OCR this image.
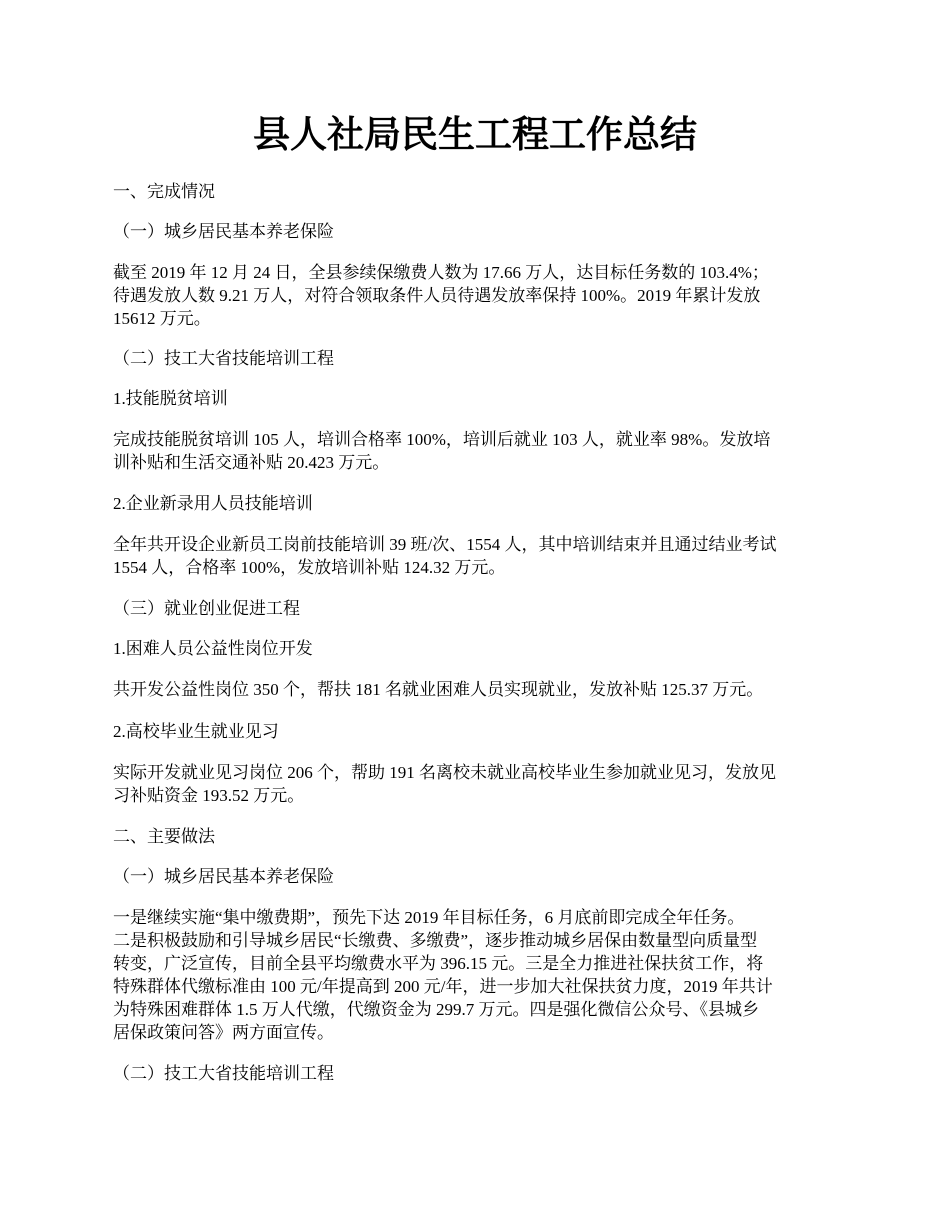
县人社局民生工程工作总结

一、完成情况

（一）城乡居民基本养老保险

截至 2019 年 12 月 24 日，全县参续保缴费人数为 17.66 万人，达目标任务数的 103.4%；
待遇发放人数 9.21 万人，对符合领取条件人员待遇发放率保持 100%。2019 年累计发放
15612 万元。

（二）技工大省技能培训工程

1.技能脱贫培训

完成技能脱贫培训 105 人，培训合格率 100%，培训后就业 103 人，就业率 98%。发放培
训补贴和生活交通补贴 20.423 万元。

2.企业新录用人员技能培训

全年共开设企业新员工岗前技能培训 39 班/次、1554 人，其中培训结束并且通过结业考试
1554 人，合格率 100%，发放培训补贴 124.32 万元。

（三）就业创业促进工程

1.困难人员公益性岗位开发

共开发公益性岗位 350 个，帮扶 181 名就业困难人员实现就业，发放补贴 125.37 万元。

2.高校毕业生就业见习

实际开发就业见习岗位 206 个，帮助 191 名离校未就业高校毕业生参加就业见习，发放见
习补贴资金 193.52 万元。

二、主要做法

（一）城乡居民基本养老保险

一是继续实施“集中缴费期”，预先下达 2019 年目标任务，6 月底前即完成全年任务。
二是积极鼓励和引导城乡居民“长缴费、多缴费”，逐步推动城乡居保由数量型向质量型
转变，广泛宣传，目前全县平均缴费水平为 396.15 元。三是全力推进社保扶贫工作，将
特殊群体代缴标准由 100 元/年提高到 200 元/年，进一步加大社保扶贫力度，2019 年共计
为特殊困难群体 1.5 万人代缴，代缴资金为 299.7 万元。四是强化微信公众号、《县城乡
居保政策问答》两方面宣传。

（二）技工大省技能培训工程
